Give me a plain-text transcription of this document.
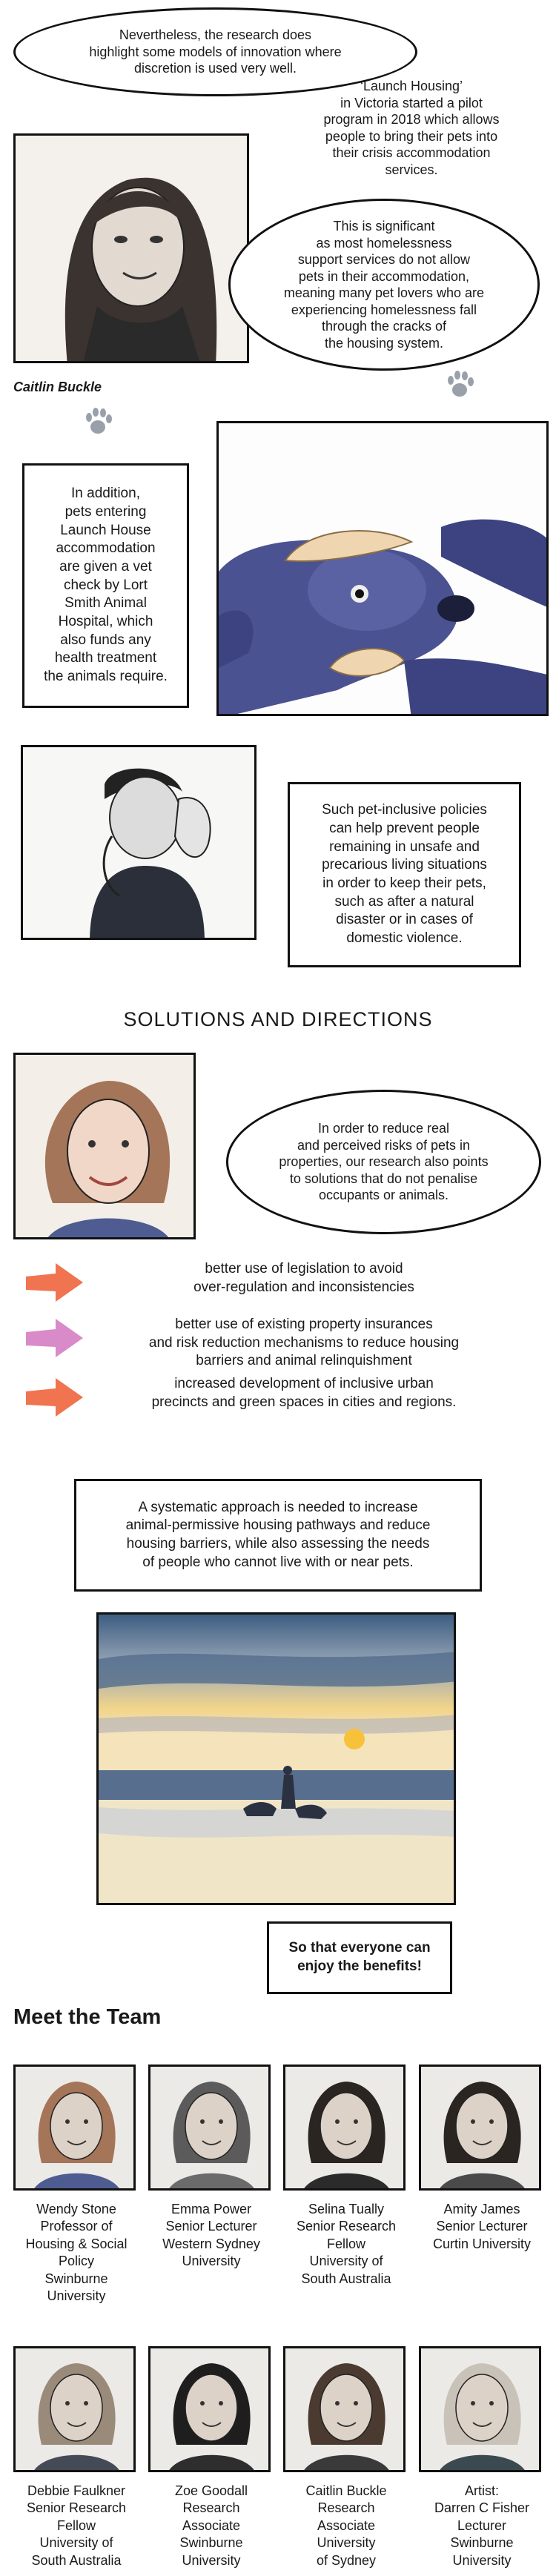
Nevertheless, the research does
highlight some models of innovation where
discretion is used very well.
‘Launch Housing’
in Victoria started a pilot
program in 2018 which allows
people to bring their pets into
their crisis accommodation
services.
This is significant
as most homelessness
support services do not allow
pets in their accommodation,
meaning many pet lovers who are
experiencing homelessness fall
through the cracks of
the housing system.
Caitlin Buckle
In addition,
pets entering
Launch House
accommodation
are given a vet
check by Lort
Smith Animal
Hospital, which
also funds any
health treatment
the animals require.
Such pet-inclusive policies
can help prevent people
remaining in unsafe and
precarious living situations
in order to keep their pets,
such as after a natural
disaster or in cases of
domestic violence.
SOLUTIONS AND DIRECTIONS
In order to reduce real
and perceived risks of pets in
properties, our research also points
to solutions that do not penalise
occupants or animals.
better use of legislation to avoid
over-regulation and inconsistencies
better use of existing property insurances
and risk reduction mechanisms to reduce housing
barriers and animal relinquishment
increased development of inclusive urban
precincts and green spaces in cities and regions.
A systematic approach is needed to increase
animal-permissive housing pathways and reduce
housing barriers, while also assessing the needs
of people who cannot live with or near pets.
So that everyone can
enjoy the benefits!
Meet the Team
Wendy Stone
Professor of
Housing & Social
Policy
Swinburne
University
Emma Power
Senior Lecturer
Western Sydney
University
Selina Tually
Senior Research
Fellow
University of
South Australia
Amity James
Senior Lecturer
Curtin University
Debbie Faulkner
Senior Research
Fellow
University of
South Australia
Zoe Goodall
Research
Associate
Swinburne
University
Caitlin Buckle
Research
Associate
University
of Sydney
Artist:
Darren C Fisher
Lecturer
Swinburne
University
